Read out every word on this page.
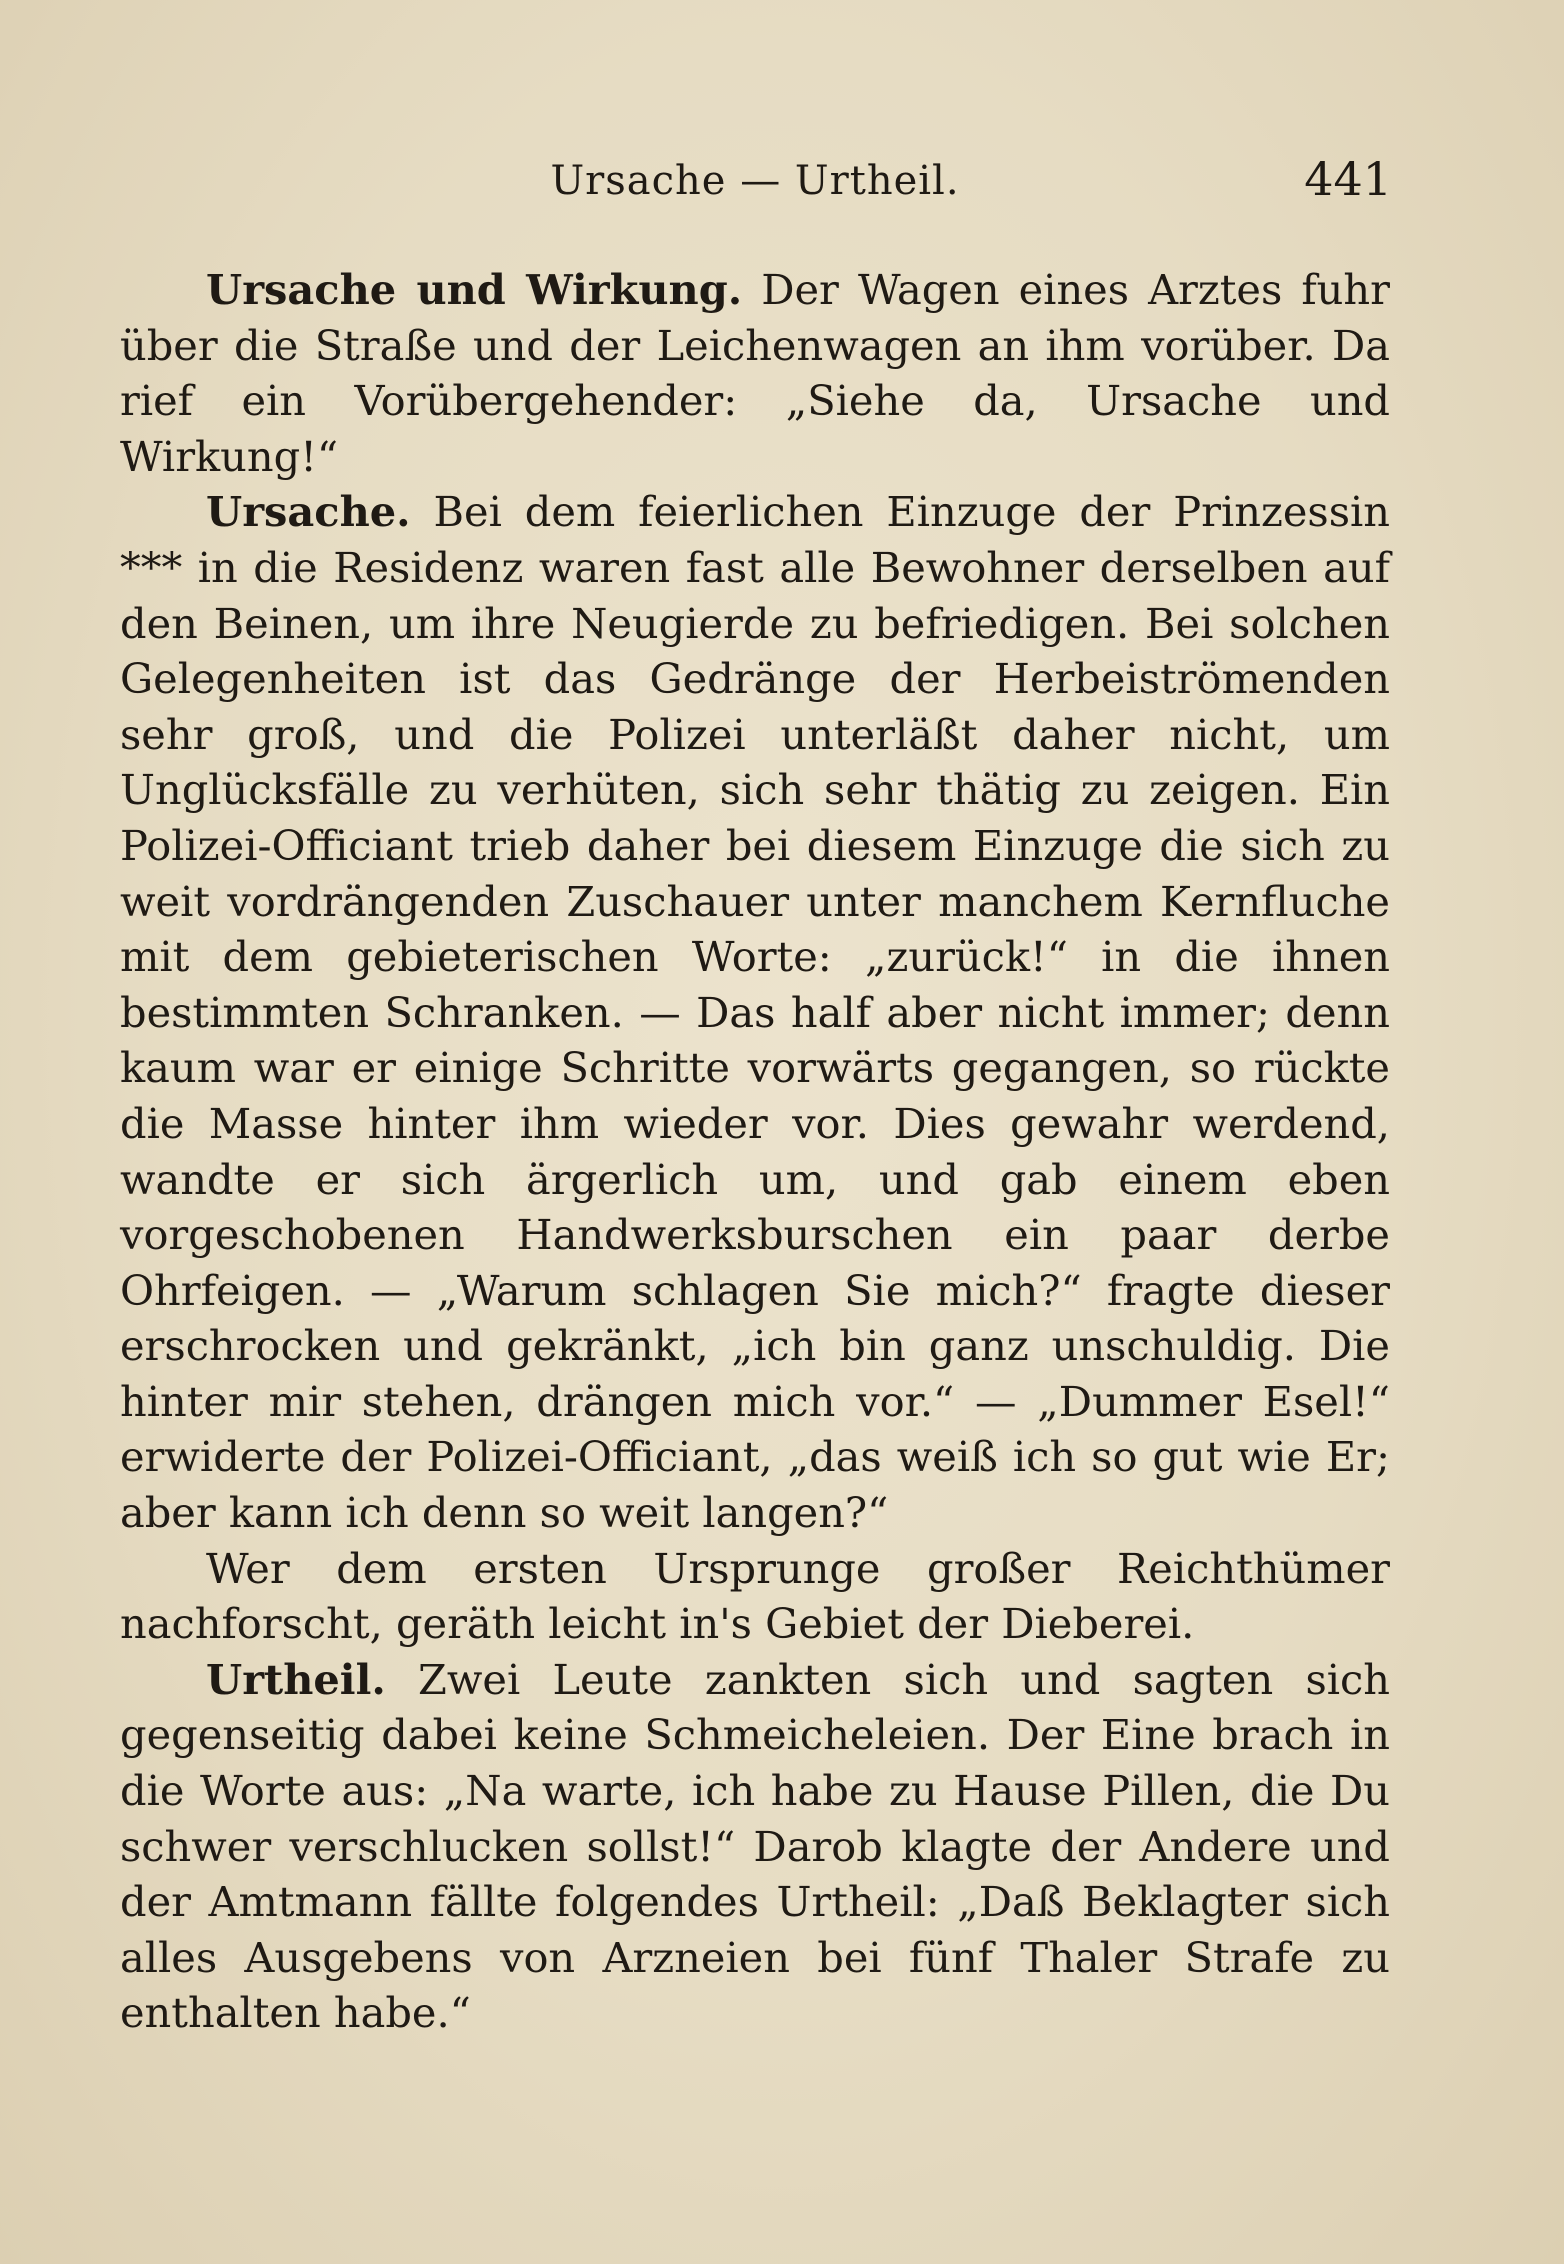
Ursache — Urtheil.	441

Ursache und Wirkung. Der Wagen eines Arztes fuhr über die Straße und der Leichenwagen an ihm vorüber. Da rief ein Vorübergehender: „Siehe da, Ursache und Wirkung!“

Ursache. Bei dem feierlichen Einzuge der Prinzessin *** in die Residenz waren fast alle Bewohner derselben auf den Beinen, um ihre Neugierde zu befriedigen. Bei solchen Gelegenheiten ist das Gedränge der Herbeiströmenden sehr groß, und die Polizei unterläßt daher nicht, um Unglücksfälle zu verhüten, sich sehr thätig zu zeigen. Ein Polizei-Officiant trieb daher bei diesem Einzuge die sich zu weit vordrängenden Zuschauer unter manchem Kernfluche mit dem gebieterischen Worte: „zurück!“ in die ihnen bestimmten Schranken. — Das half aber nicht immer; denn kaum war er einige Schritte vorwärts gegangen, so rückte die Masse hinter ihm wieder vor. Dies gewahr werdend, wandte er sich ärgerlich um, und gab einem eben vorgeschobenen Handwerksburschen ein paar derbe Ohrfeigen. — „Warum schlagen Sie mich?“ fragte dieser erschrocken und gekränkt, „ich bin ganz unschuldig. Die hinter mir stehen, drängen mich vor.“ — „Dummer Esel!“ erwiderte der Polizei-Officiant, „das weiß ich so gut wie Er; aber kann ich denn so weit langen?“

Wer dem ersten Ursprunge großer Reichthümer nachforscht, geräth leicht in's Gebiet der Dieberei.

Urtheil. Zwei Leute zankten sich und sagten sich gegenseitig dabei keine Schmeicheleien. Der Eine brach in die Worte aus: „Na warte, ich habe zu Hause Pillen, die Du schwer verschlucken sollst!“ Darob klagte der Andere und der Amtmann fällte folgendes Urtheil: „Daß Beklagter sich alles Ausgebens von Arzneien bei fünf Thaler Strafe zu enthalten habe.“
